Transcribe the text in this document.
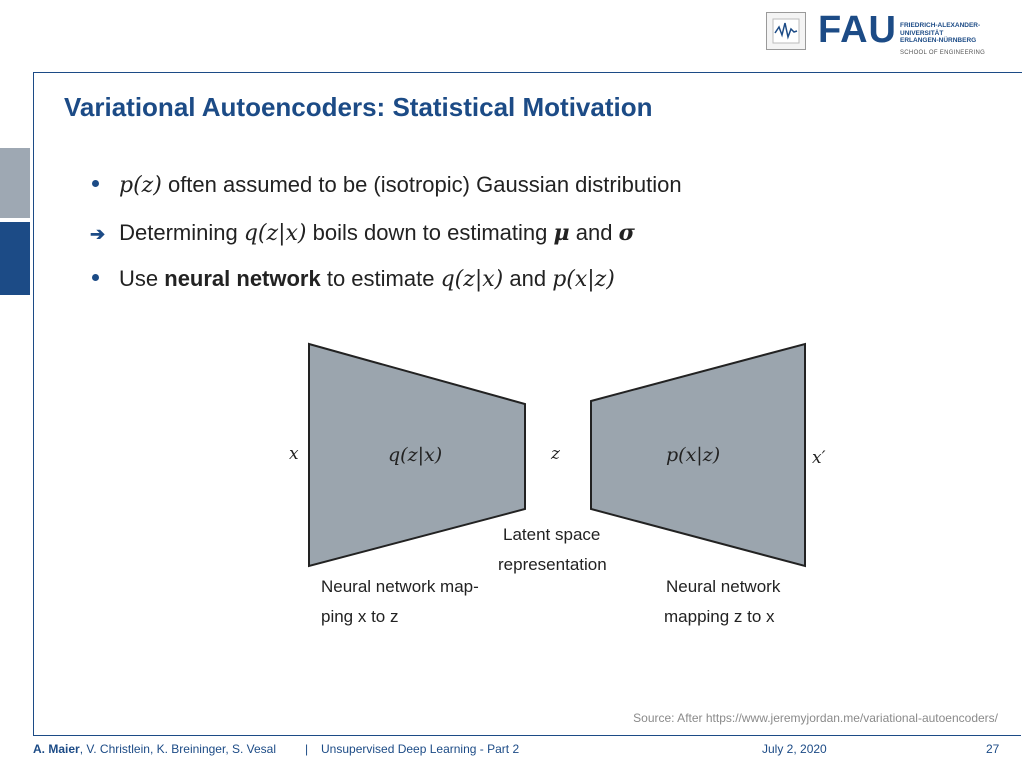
FAU FRIEDRICH-ALEXANDER-
UNIVERSITÄT
ERLANGEN-NÜRNBERG
SCHOOL OF ENGINEERING
Variational Autoencoders: Statistical Motivation
p(z) often assumed to be (isotropic) Gaussian distribution
➔ Determining q(z|x) boils down to estimating μ and σ
Use neural network to estimate q(z|x) and p(x|z)
x	q(z|x)	z	p(x|z)	x′
Latent space
representation
Neural network map-
ping x to z
Neural network
mapping z to x
Source: After https://www.jeremyjordan.me/variational-autoencoders/
A. Maier, V. Christlein, K. Breininger, S. Vesal | Unsupervised Deep Learning - Part 2	July 2, 2020	27
